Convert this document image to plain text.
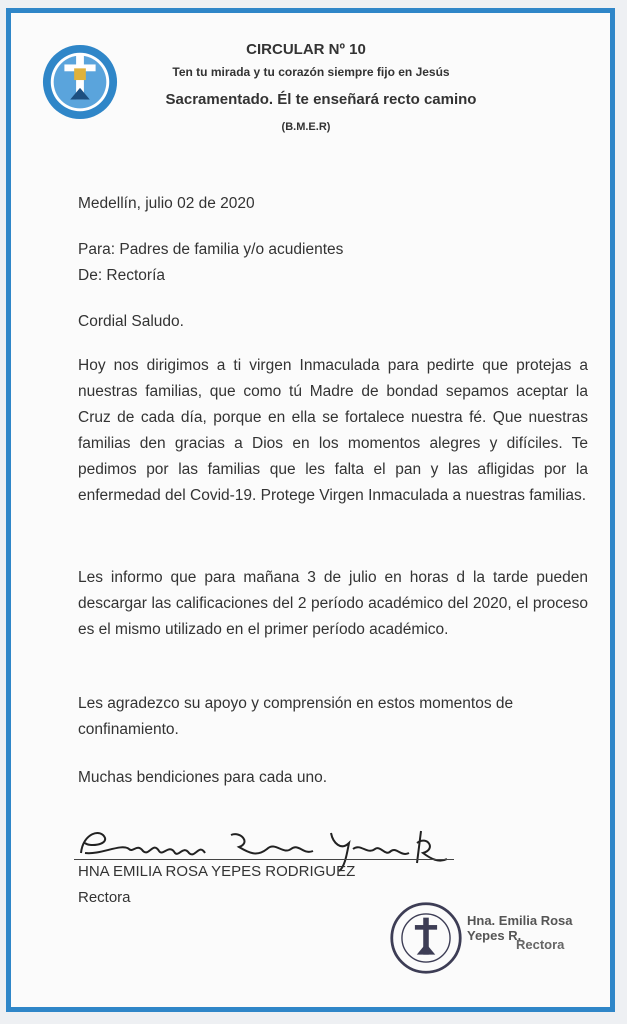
CIRCULAR Nº 10
Ten tu mirada y tu corazón siempre fijo en Jesús
Sacramentado. Él te enseñará recto camino
(B.M.E.R)
Medellín, julio 02 de 2020
Para: Padres de familia y/o acudientes
De: Rectoría
Cordial Saludo.
Hoy nos dirigimos a ti virgen Inmaculada para pedirte que protejas a nuestras familias, que como tú Madre de bondad sepamos aceptar la Cruz de cada día, porque en ella se fortalece nuestra fé. Que nuestras familias den gracias a Dios en los momentos alegres y difíciles. Te pedimos por las familias que les falta el pan y las afligidas por la enfermedad del Covid-19. Protege Virgen Inmaculada a nuestras familias.
Les informo que para mañana 3 de julio en horas d la tarde pueden descargar las calificaciones del 2 período académico del 2020, el proceso es el mismo utilizado en el primer período académico.
Les agradezco su apoyo y comprensión en estos momentos de confinamiento.
Muchas bendiciones para cada uno.
HNA EMILIA ROSA YEPES RODRIGUEZ
Rectora
Hna. Emilia Rosa Yepes R.
Rectora
